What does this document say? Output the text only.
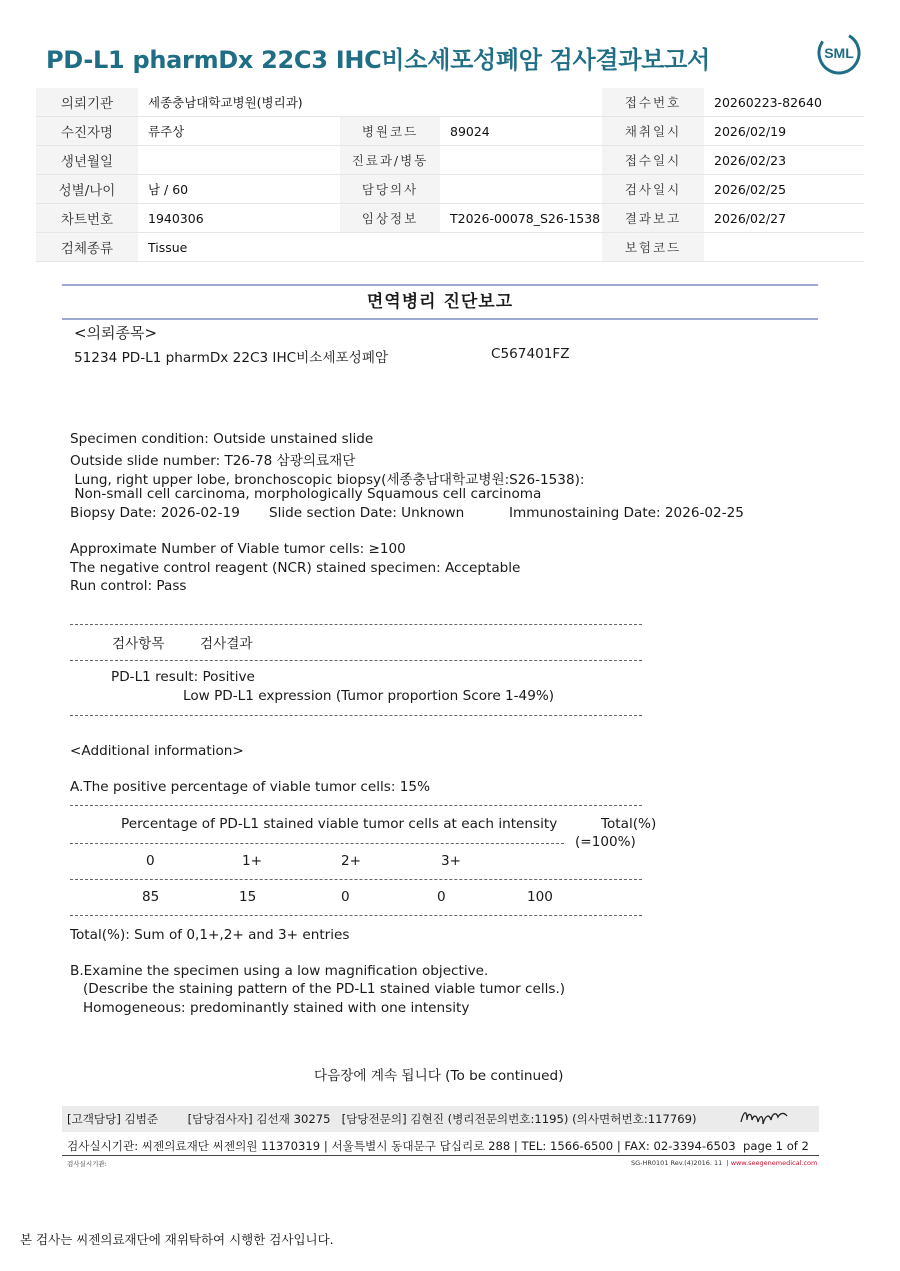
PD-L1 pharmDx 22C3 IHC비소세포성폐암 검사결과보고서	SML
의뢰기관	세종충남대학교병원(병리과)			접수번호	20260223-82640
수진자명	류주상	병원코드	89024	채취일시	2026/02/19
생년월일		진료과/병동		접수일시	2026/02/23
성별/나이	남 / 60	담당의사		검사일시	2026/02/25
차트번호	1940306	임상정보	T2026-00078_S26-1538	결과보고	2026/02/27
검체종류	Tissue			보험코드	
면역병리 진단보고
<의뢰종목>
51234 PD-L1 pharmDx 22C3 IHC비소세포성폐암	C567401FZ
Specimen condition: Outside unstained slide
Outside slide number: T26-78 삼광의료재단
Lung, right upper lobe, bronchoscopic biopsy(세종충남대학교병원:S26-1538):
Non-small cell carcinoma, morphologically Squamous cell carcinoma
Biopsy Date: 2026-02-19 Slide section Date: Unknown	Immunostaining Date: 2026-02-25
Approximate Number of Viable tumor cells: ≥100
The negative control reagent (NCR) stained specimen: Acceptable
Run control: Pass
검사항목	검사결과
PD-L1 result: Positive
Low PD-L1 expression (Tumor proportion Score 1-49%)
<Additional information>
A.The positive percentage of viable tumor cells: 15%
Percentage of PD-L1 stained viable tumor cells at each intensity	Total(%)
(=100%)
0	1+	2+	3+
85	15	0	0	100
Total(%): Sum of 0,1+,2+ and 3+ entries
B.Examine the specimen using a low magnification objective.
(Describe the staining pattern of the PD-L1 stained viable tumor cells.)
Homogeneous: predominantly stained with one intensity
다음장에 계속 됩니다 (To be continued)
[고객담당] 김범준        [담당검사자] 김선재 30275   [담당전문의] 김현진 (병리전문의번호:1195) (의사면허번호:117769)
검사실시기관: 씨젠의료재단 씨젠의원 11370319 | 서울특별시 동대문구 답십리로 288 | TEL: 1566-6500 | FAX: 02-3394-6503  page 1 of 2
검사실시기관:	SG-HR0101 Rev.(4)2016. 11  | www.seegenemedical.com
본 검사는 씨젠의료재단에 재위탁하여 시행한 검사입니다.
